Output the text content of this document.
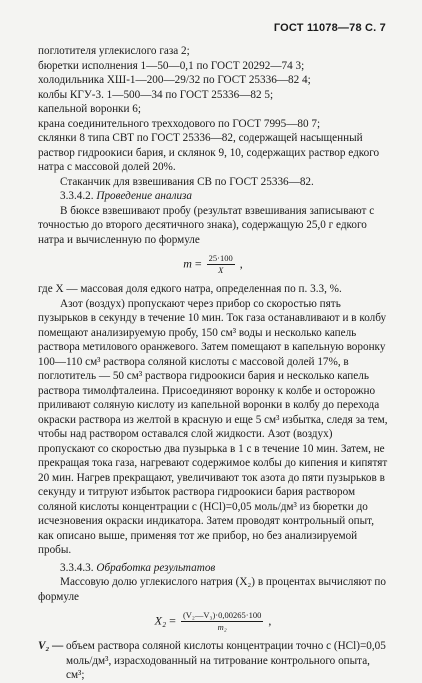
ГОСТ 11078—78 С. 7

поглотителя углекислого газа 2;

бюретки исполнения 1—50—0,1 по ГОСТ 20292—74 3;

холодильника ХШ-1—200—29/32 по ГОСТ 25336—82 4;

колбы КГУ-3. 1—500—34 по ГОСТ 25336—82 5;

капельной воронки 6;

крана соединительного трехходового по ГОСТ 7995—80 7;

склянки 8 типа СВТ по ГОСТ 25336—82, содержащей насыщенный раствор гидроокиси бария, и склянок 9, 10, содержащих раствор едкого натра с массовой долей 20%.

Стаканчик для взвешивания СВ по ГОСТ 25336—82.

3.3.4.2. Проведение анализа

В бюксе взвешивают пробу (результат взвешивания записывают с точностью до второго десятичного знака), содержащую 25,0 г едкого натра и вычисленную по формуле

$m = \frac{25\cdot 100}{X}$ ,

где X — массовая доля едкого натра, определенная по п. 3.3, %.

Азот (воздух) пропускают через прибор со скоростью пять пузырьков в секунду в течение 10 мин. Ток газа останавливают и в колбу помещают анализируемую пробу, 150 см³ воды и несколько капель раствора метилового оранжевого. Затем помещают в капельную воронку 100—110 см³ раствора соляной кислоты с массовой долей 17%, в поглотитель — 50 см³ раствора гидроокиси бария и несколько капель раствора тимолфталеина. Присоединяют воронку к колбе и осторожно приливают соляную кислоту из капельной воронки в колбу до перехода окраски раствора из желтой в красную и еще 5 см³ избытка, следя за тем, чтобы над раствором оставался слой жидкости. Азот (воздух) пропускают со скоростью два пузырька в 1 с в течение 10 мин. Затем, не прекращая тока газа, нагревают содержимое колбы до кипения и кипятят 20 мин. Нагрев прекращают, увеличивают ток азота до пяти пузырьков в секунду и титруют избыток раствора гидроокиси бария раствором соляной кислоты концентрации c (HCl)=0,05 моль/дм³ из бюретки до исчезновения окраски индикатора. Затем проводят контрольный опыт, как описано выше, применяя тот же прибор, но без анализируемой пробы.

3.3.4.3. Обработка результатов

Массовую долю углекислого натрия (X₂) в процентах вычисляют по формуле

$X_2 = \frac{\text{(V₂—V₃)·0,00265·100}}{\text{m₂}}$ ,
V₂ — объем раствора соляной кислоты концентрации точно c (HCl)=0,05 моль/дм³, израсходованный на титрование контрольного опыта, см³;
